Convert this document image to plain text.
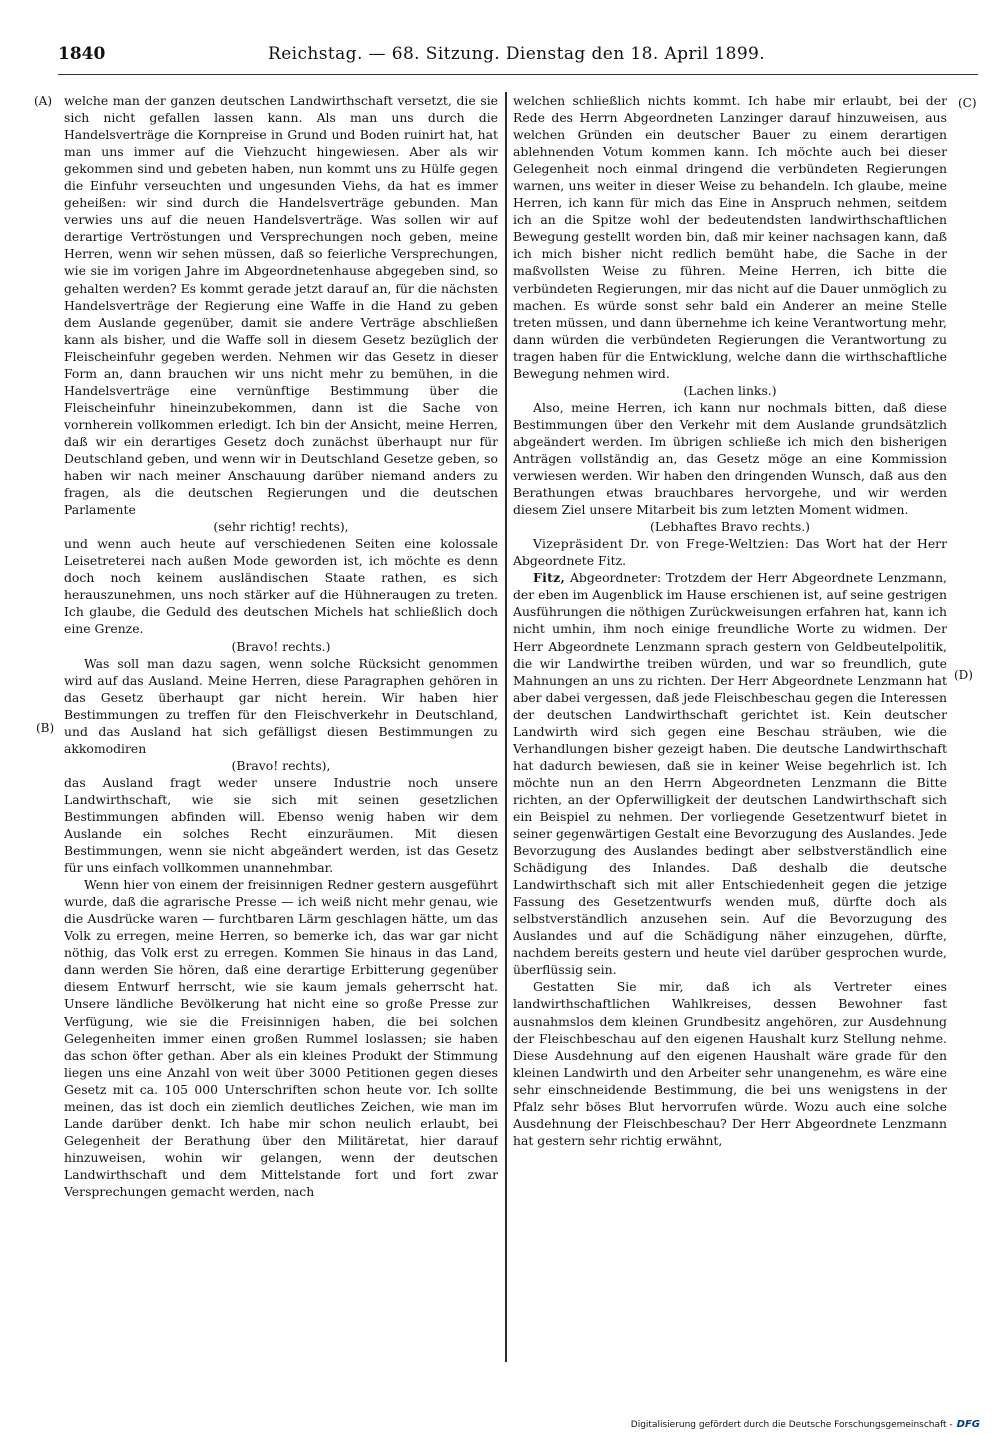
1840	Reichstag. — 68. Sitzung. Dienstag den 18. April 1899.
(A)
(B)
(C)
(D)

welche man der ganzen deutschen Landwirthschaft versetzt, die sie sich nicht gefallen lassen kann. Als man uns durch die Handelsverträge die Kornpreise in Grund und Boden ruinirt hat, hat man uns immer auf die Viehzucht hingewiesen. Aber als wir gekommen sind und gebeten haben, nun kommt uns zu Hülfe gegen die Einfuhr verseuchten und ungesunden Viehs, da hat es immer geheißen: wir sind durch die Handelsverträge gebunden. Man verwies uns auf die neuen Handelsverträge. Was sollen wir auf derartige Vertröstungen und Versprechungen noch geben, meine Herren, wenn wir sehen müssen, daß so feierliche Versprechungen, wie sie im vorigen Jahre im Abgeordnetenhause abgegeben sind, so gehalten werden? Es kommt gerade jetzt darauf an, für die nächsten Handelsverträge der Regierung eine Waffe in die Hand zu geben dem Auslande gegenüber, damit sie andere Verträge abschließen kann als bisher, und die Waffe soll in diesem Gesetz bezüglich der Fleischeinfuhr gegeben werden. Nehmen wir das Gesetz in dieser Form an, dann brauchen wir uns nicht mehr zu bemühen, in die Handelsverträge eine vernünftige Bestimmung über die Fleischeinfuhr hineinzubekommen, dann ist die Sache von vornherein vollkommen erledigt. Ich bin der Ansicht, meine Herren, daß wir ein derartiges Gesetz doch zunächst überhaupt nur für Deutschland geben, und wenn wir in Deutschland Gesetze geben, so haben wir nach meiner Anschauung darüber niemand anders zu fragen, als die deutschen Regierungen und die deutschen Parlamente

(sehr richtig! rechts),

und wenn auch heute auf verschiedenen Seiten eine kolossale Leisetreterei nach außen Mode geworden ist, ich möchte es denn doch noch keinem ausländischen Staate rathen, es sich herauszunehmen, uns noch stärker auf die Hühneraugen zu treten. Ich glaube, die Geduld des deutschen Michels hat schließlich doch eine Grenze.

(Bravo! rechts.)

Was soll man dazu sagen, wenn solche Rücksicht genommen wird auf das Ausland. Meine Herren, diese Paragraphen gehören in das Gesetz überhaupt gar nicht herein. Wir haben hier Bestimmungen zu treffen für den Fleischverkehr in Deutschland, und das Ausland hat sich gefälligst diesen Bestimmungen zu akkomodiren

(Bravo! rechts),

das Ausland fragt weder unsere Industrie noch unsere Landwirthschaft, wie sie sich mit seinen gesetzlichen Bestimmungen abfinden will. Ebenso wenig haben wir dem Auslande ein solches Recht einzuräumen. Mit diesen Bestimmungen, wenn sie nicht abgeändert werden, ist das Gesetz für uns einfach vollkommen unannehmbar.

Wenn hier von einem der freisinnigen Redner gestern ausgeführt wurde, daß die agrarische Presse — ich weiß nicht mehr genau, wie die Ausdrücke waren — furchtbaren Lärm geschlagen hätte, um das Volk zu erregen, meine Herren, so bemerke ich, das war gar nicht nöthig, das Volk erst zu erregen. Kommen Sie hinaus in das Land, dann werden Sie hören, daß eine derartige Erbitterung gegenüber diesem Entwurf herrscht, wie sie kaum jemals geherrscht hat. Unsere ländliche Bevölkerung hat nicht eine so große Presse zur Verfügung, wie sie die Freisinnigen haben, die bei solchen Gelegenheiten immer einen großen Rummel loslassen; sie haben das schon öfter gethan. Aber als ein kleines Produkt der Stimmung liegen uns eine Anzahl von weit über 3000 Petitionen gegen dieses Gesetz mit ca. 105 000 Unterschriften schon heute vor. Ich sollte meinen, das ist doch ein ziemlich deutliches Zeichen, wie man im Lande darüber denkt. Ich habe mir schon neulich erlaubt, bei Gelegenheit der Berathung über den Militäretat, hier darauf hinzuweisen, wohin wir gelangen, wenn der deutschen Landwirthschaft und dem Mittelstande fort und fort zwar Versprechungen gemacht werden, nach

welchen schließlich nichts kommt. Ich habe mir erlaubt, bei der Rede des Herrn Abgeordneten Lanzinger darauf hinzuweisen, aus welchen Gründen ein deutscher Bauer zu einem derartigen ablehnenden Votum kommen kann. Ich möchte auch bei dieser Gelegenheit noch einmal dringend die verbündeten Regierungen warnen, uns weiter in dieser Weise zu behandeln. Ich glaube, meine Herren, ich kann für mich das Eine in Anspruch nehmen, seitdem ich an die Spitze wohl der bedeutendsten landwirthschaftlichen Bewegung gestellt worden bin, daß mir keiner nachsagen kann, daß ich mich bisher nicht redlich bemüht habe, die Sache in der maßvollsten Weise zu führen. Meine Herren, ich bitte die verbündeten Regierungen, mir das nicht auf die Dauer unmöglich zu machen. Es würde sonst sehr bald ein Anderer an meine Stelle treten müssen, und dann übernehme ich keine Verantwortung mehr, dann würden die verbündeten Regierungen die Verantwortung zu tragen haben für die Entwicklung, welche dann die wirthschaftliche Bewegung nehmen wird.

(Lachen links.)

Also, meine Herren, ich kann nur nochmals bitten, daß diese Bestimmungen über den Verkehr mit dem Auslande grundsätzlich abgeändert werden. Im übrigen schließe ich mich den bisherigen Anträgen vollständig an, das Gesetz möge an eine Kommission verwiesen werden. Wir haben den dringenden Wunsch, daß aus den Berathungen etwas brauchbares hervorgehe, und wir werden diesem Ziel unsere Mitarbeit bis zum letzten Moment widmen.

(Lebhaftes Bravo rechts.)

Vizepräsident Dr. von Frege-Weltzien: Das Wort hat der Herr Abgeordnete Fitz.

Fitz, Abgeordneter: Trotzdem der Herr Abgeordnete Lenzmann, der eben im Augenblick im Hause erschienen ist, auf seine gestrigen Ausführungen die nöthigen Zurückweisungen erfahren hat, kann ich nicht umhin, ihm noch einige freundliche Worte zu widmen. Der Herr Abgeordnete Lenzmann sprach gestern von Geldbeutelpolitik, die wir Landwirthe treiben würden, und war so freundlich, gute Mahnungen an uns zu richten. Der Herr Abgeordnete Lenzmann hat aber dabei vergessen, daß jede Fleischbeschau gegen die Interessen der deutschen Landwirthschaft gerichtet ist. Kein deutscher Landwirth wird sich gegen eine Beschau sträuben, wie die Verhandlungen bisher gezeigt haben. Die deutsche Landwirthschaft hat dadurch bewiesen, daß sie in keiner Weise begehrlich ist. Ich möchte nun an den Herrn Abgeordneten Lenzmann die Bitte richten, an der Opferwilligkeit der deutschen Landwirthschaft sich ein Beispiel zu nehmen. Der vorliegende Gesetzentwurf bietet in seiner gegenwärtigen Gestalt eine Bevorzugung des Auslandes. Jede Bevorzugung des Auslandes bedingt aber selbstverständlich eine Schädigung des Inlandes. Daß deshalb die deutsche Landwirthschaft sich mit aller Entschiedenheit gegen die jetzige Fassung des Gesetzentwurfs wenden muß, dürfte doch als selbstverständlich anzusehen sein. Auf die Bevorzugung des Auslandes und auf die Schädigung näher einzugehen, dürfte, nachdem bereits gestern und heute viel darüber gesprochen wurde, überflüssig sein.

Gestatten Sie mir, daß ich als Vertreter eines landwirthschaftlichen Wahlkreises, dessen Bewohner fast ausnahmslos dem kleinen Grundbesitz angehören, zur Ausdehnung der Fleischbeschau auf den eigenen Haushalt kurz Stellung nehme. Diese Ausdehnung auf den eigenen Haushalt wäre grade für den kleinen Landwirth und den Arbeiter sehr unangenehm, es wäre eine sehr einschneidende Bestimmung, die bei uns wenigstens in der Pfalz sehr böses Blut hervorrufen würde. Wozu auch eine solche Ausdehnung der Fleischbeschau? Der Herr Abgeordnete Lenzmann hat gestern sehr richtig erwähnt,

Digitalisierung gefördert durch die Deutsche Forschungsgemeinschaft - DFG
